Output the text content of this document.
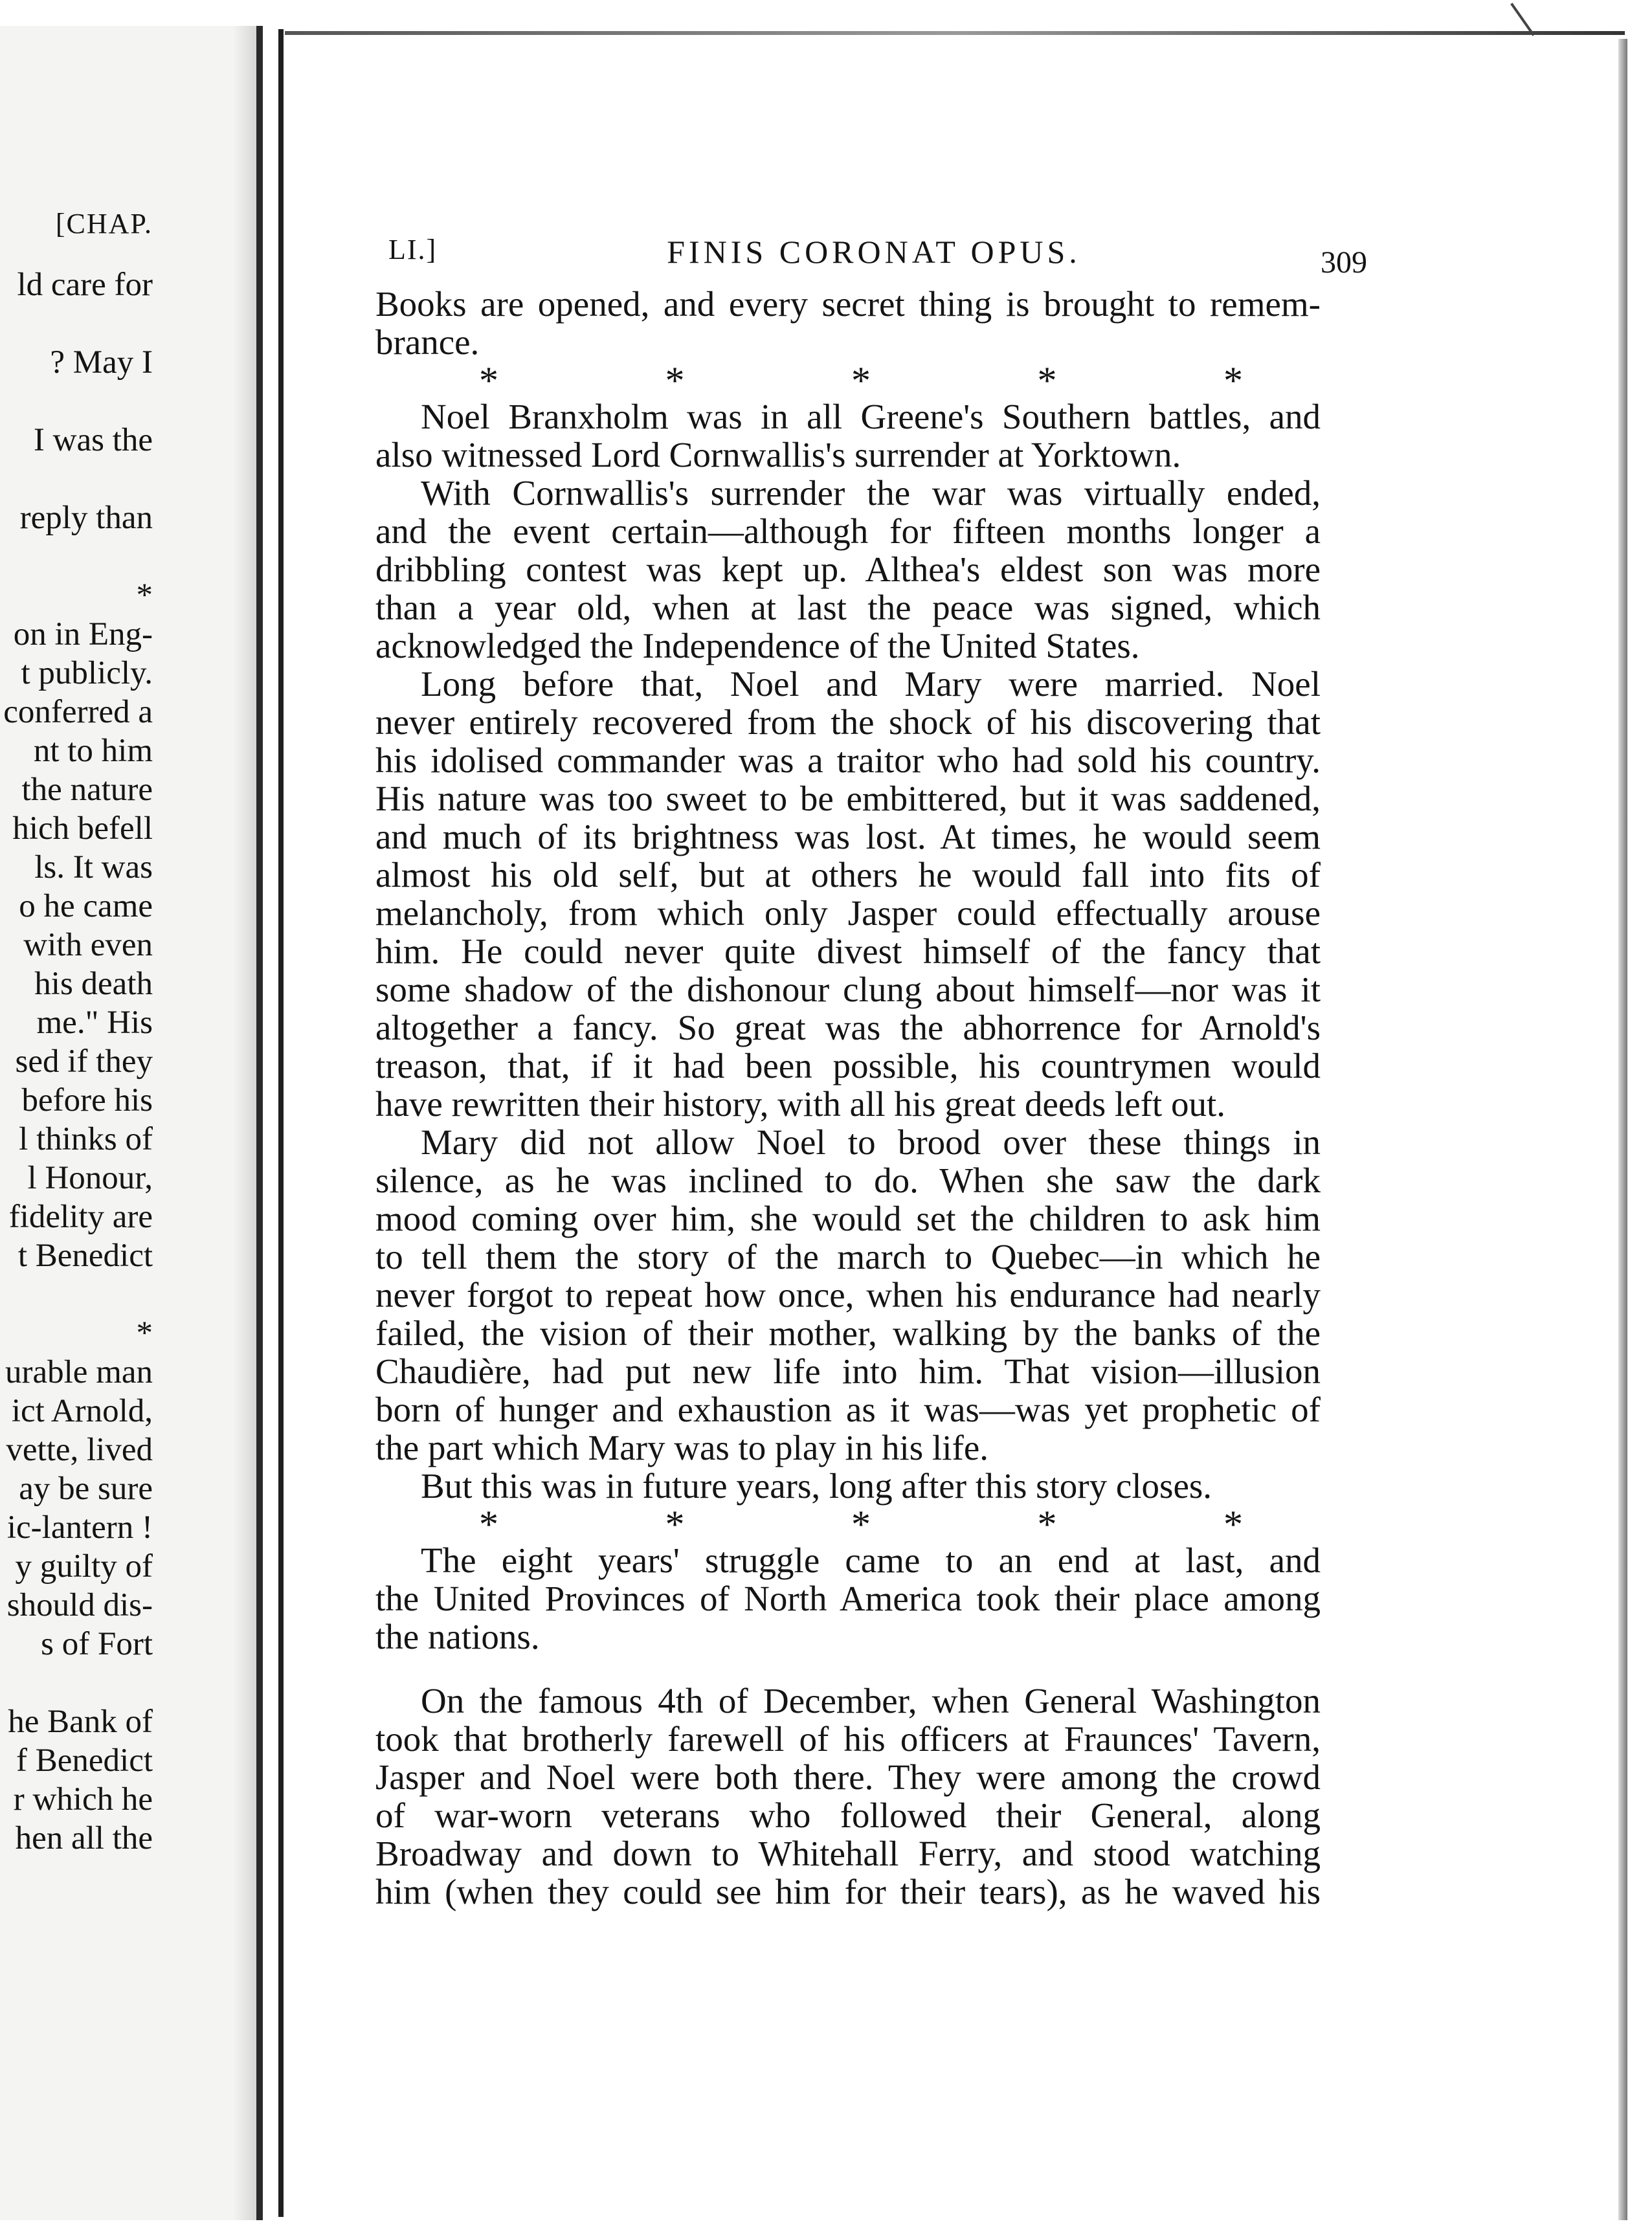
[CHAP.
ld care for
? May I
I was the
reply than
*
on in Eng-
t publicly.
conferred a
nt to him
the nature
hich befell
ls. It was
o he came
with even
his death
me." His
sed if they
before his
l thinks of
l Honour,
fidelity are
t Benedict
*
urable man
ict Arnold,
vette, lived
ay be sure
ic-lantern !
y guilty of
should dis-
s of Fort
he Bank of
f Benedict
r which he
hen all the
LI.]	FINIS CORONAT OPUS.	309
Books are opened, and every secret thing is brought to remem-
brance.
*	*	*	*	*
Noel Branxholm was in all Greene's Southern battles, and
also witnessed Lord Cornwallis's surrender at Yorktown.
With Cornwallis's surrender the war was virtually ended,
and the event certain—although for fifteen months longer a
dribbling contest was kept up. Althea's eldest son was more
than a year old, when at last the peace was signed, which
acknowledged the Independence of the United States.
Long before that, Noel and Mary were married. Noel
never entirely recovered from the shock of his discovering that
his idolised commander was a traitor who had sold his country.
His nature was too sweet to be embittered, but it was saddened,
and much of its brightness was lost. At times, he would seem
almost his old self, but at others he would fall into fits of
melancholy, from which only Jasper could effectually arouse
him. He could never quite divest himself of the fancy that
some shadow of the dishonour clung about himself—nor was it
altogether a fancy. So great was the abhorrence for Arnold's
treason, that, if it had been possible, his countrymen would
have rewritten their history, with all his great deeds left out.
Mary did not allow Noel to brood over these things in
silence, as he was inclined to do. When she saw the dark
mood coming over him, she would set the children to ask him
to tell them the story of the march to Quebec—in which he
never forgot to repeat how once, when his endurance had nearly
failed, the vision of their mother, walking by the banks of the
Chaudière, had put new life into him. That vision—illusion
born of hunger and exhaustion as it was—was yet prophetic of
the part which Mary was to play in his life.
But this was in future years, long after this story closes.
*	*	*	*	*
The eight years' struggle came to an end at last, and
the United Provinces of North America took their place among
the nations.
On the famous 4th of December, when General Washington
took that brotherly farewell of his officers at Fraunces' Tavern,
Jasper and Noel were both there. They were among the crowd
of war-worn veterans who followed their General, along
Broadway and down to Whitehall Ferry, and stood watching
him (when they could see him for their tears), as he waved his
